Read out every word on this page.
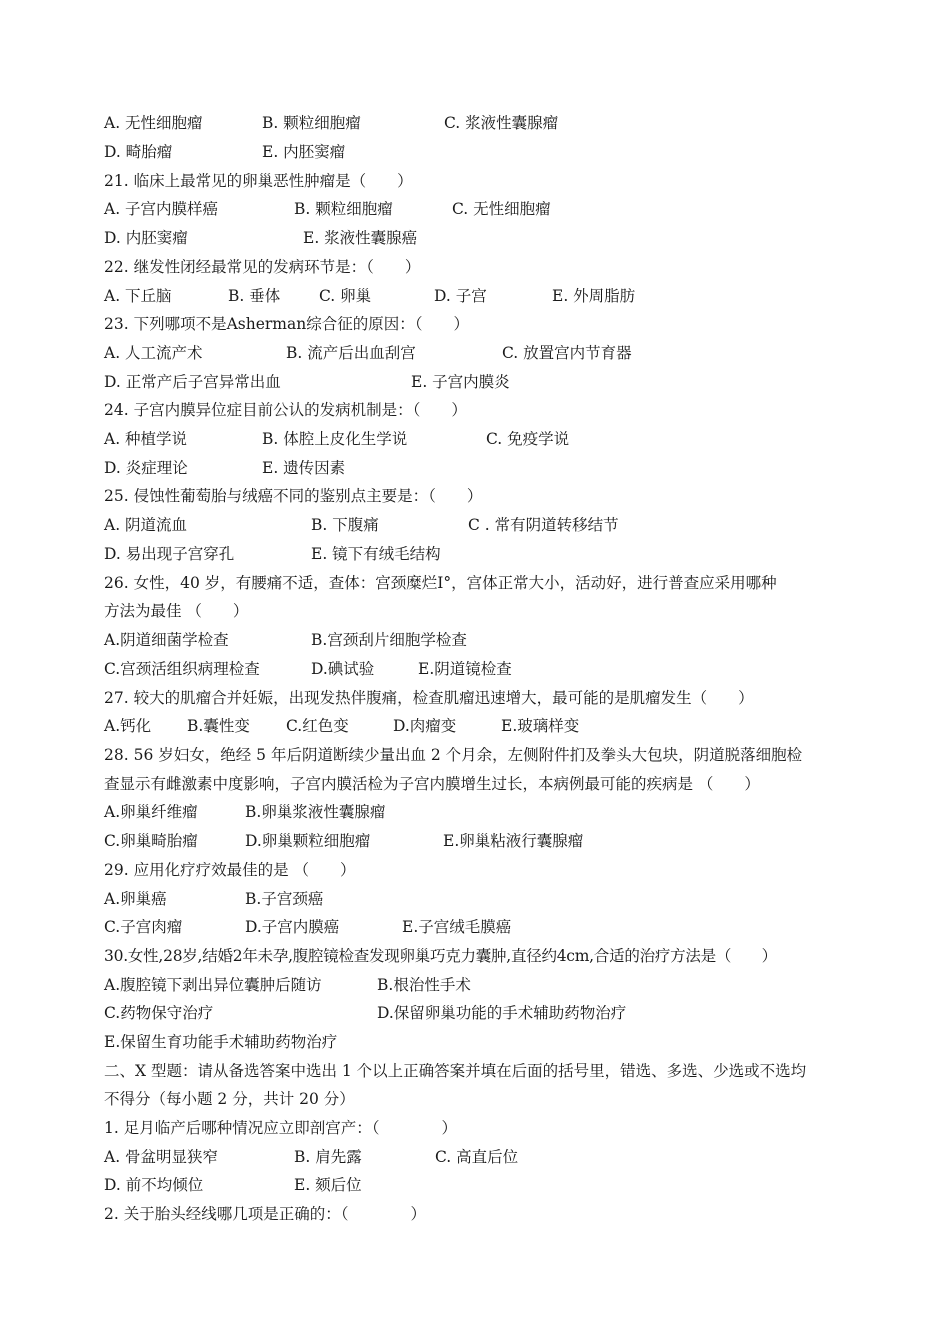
A. 无性细胞瘤	B. 颗粒细胞瘤	C. 浆液性囊腺瘤
D. 畸胎瘤	E. 内胚窦瘤
21. 临床上最常见的卵巢恶性肿瘤是（　　）
A. 子宫内膜样癌	B. 颗粒细胞瘤	C. 无性细胞瘤
D. 内胚窦瘤	E. 浆液性囊腺癌
22. 继发性闭经最常见的发病环节是：（　　）
A. 下丘脑	B. 垂体	C. 卵巢	D. 子宫	E. 外周脂肪
23. 下列哪项不是Asherman综合征的原因：（　　）
A. 人工流产术	B. 流产后出血刮宫	C. 放置宫内节育器
D. 正常产后子宫异常出血	E. 子宫内膜炎
24. 子宫内膜异位症目前公认的发病机制是：（　　）
A. 种植学说	B. 体腔上皮化生学说	C. 免疫学说
D. 炎症理论	E. 遗传因素
25. 侵蚀性葡萄胎与绒癌不同的鉴别点主要是：（　　）
A. 阴道流血	B. 下腹痛	C . 常有阴道转移结节
D. 易出现子宫穿孔	E. 镜下有绒毛结构
26. 女性，40 岁，有腰痛不适，查体：宫颈糜烂Ⅰ°，宫体正常大小，活动好，进行普查应采用哪种
方法为最佳 （　　）
A.阴道细菌学检查	B.宫颈刮片细胞学检查
C.宫颈活组织病理检查	D.碘试验	E.阴道镜检查
27. 较大的肌瘤合并妊娠，出现发热伴腹痛，检查肌瘤迅速增大，最可能的是肌瘤发生（　　）
A.钙化 B.囊性变 C.红色变	D.肉瘤变	E.玻璃样变
28. 56 岁妇女，绝经 5 年后阴道断续少量出血 2 个月余，左侧附件扪及拳头大包块，阴道脱落细胞检
查显示有雌激素中度影响，子宫内膜活检为子宫内膜增生过长，本病例最可能的疾病是 （　　）
A.卵巢纤维瘤	B.卵巢浆液性囊腺瘤
C.卵巢畸胎瘤	D.卵巢颗粒细胞瘤	E.卵巢粘液行囊腺瘤
29. 应用化疗疗效最佳的是 （　　）
A.卵巢癌	B.子宫颈癌
C.子宫肉瘤	D.子宫内膜癌	E.子宫绒毛膜癌
30.女性,28岁,结婚2年未孕,腹腔镜检查发现卵巢巧克力囊肿,直径约4cm,合适的治疗方法是（　　）
A.腹腔镜下剥出异位囊肿后随访	B.根治性手术
C.药物保守治疗	D.保留卵巢功能的手术辅助药物治疗
E.保留生育功能手术辅助药物治疗
二、X 型题：请从备选答案中选出 1 个以上正确答案并填在后面的括号里，错选、多选、少选或不选均
不得分（每小题 2 分，共计 20 分）
1. 足月临产后哪种情况应立即剖宫产：（　　　　）
A. 骨盆明显狭窄	B. 肩先露	C. 高直后位
D. 前不均倾位	E. 颏后位
2. 关于胎头经线哪几项是正确的：（　　　　）
